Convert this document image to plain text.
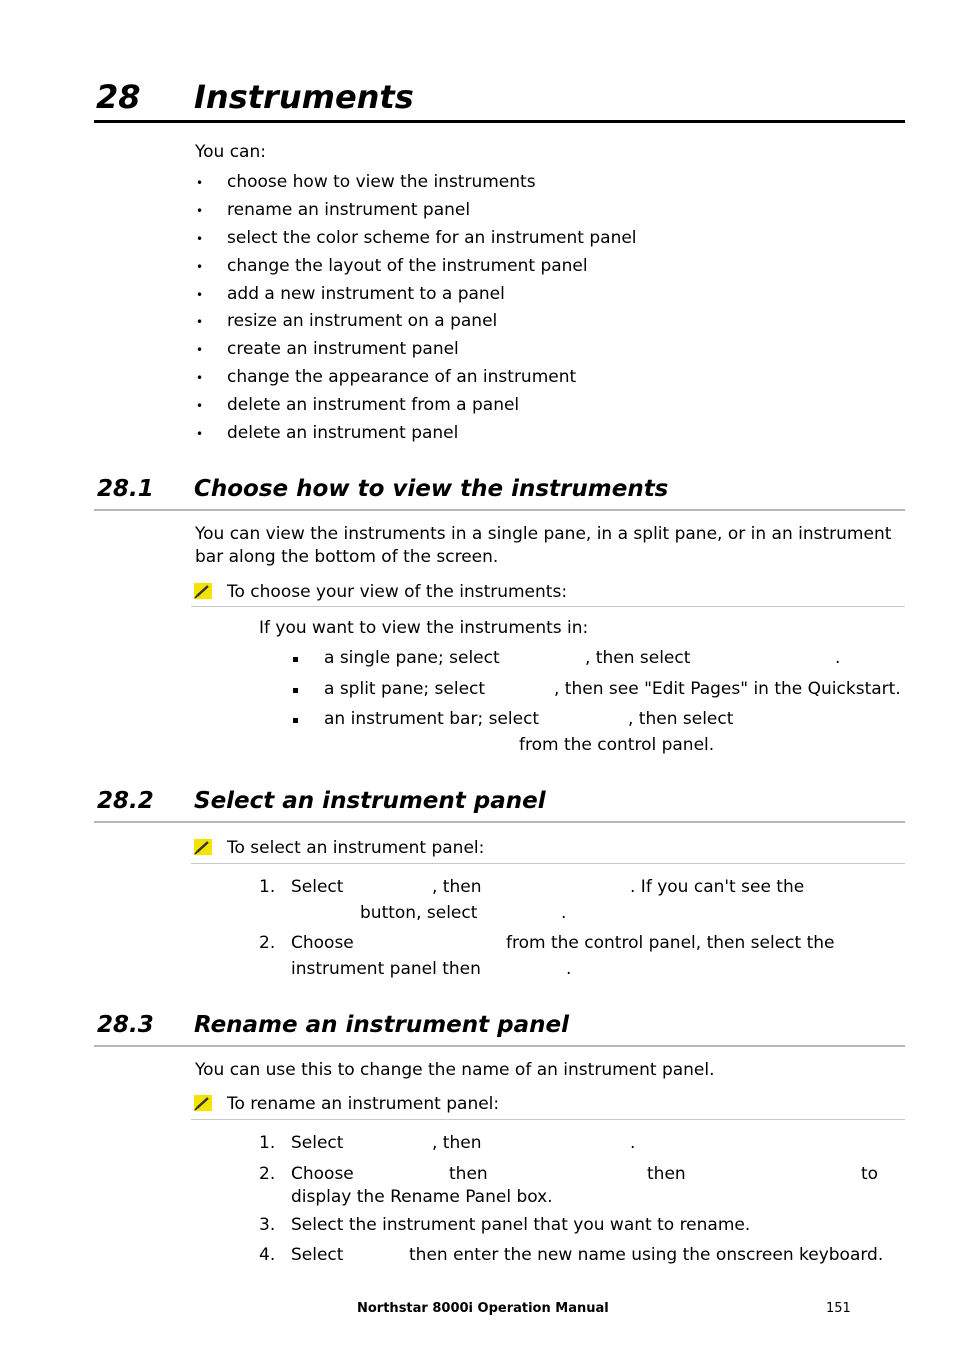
28 Instruments
You can:
• choose how to view the instruments
• rename an instrument panel
• select the color scheme for an instrument panel
• change the layout of the instrument panel
• add a new instrument to a panel
• resize an instrument on a panel
• create an instrument panel
• change the appearance of an instrument
• delete an instrument from a panel
• delete an instrument panel
28.1 Choose how to view the instruments
You can view the instruments in a single pane, in a split pane, or in an instrument
bar along the bottom of the screen.
To choose your view of the instruments:
If you want to view the instruments in:
a single pane; select	, then select	.
a split pane; select	, then see "Edit Pages" in the Quickstart.
an instrument bar; select	, then select
from the control panel.
28.2 Select an instrument panel
To select an instrument panel:
1. Select	, then	. If you can't see the
button, select	.
2. Choose	from the control panel, then select the
instrument panel then	.
28.3 Rename an instrument panel
You can use this to change the name of an instrument panel.
To rename an instrument panel:
1. Select	, then	.
2. Choose	then	then	to
display the Rename Panel box.
3. Select the instrument panel that you want to rename.
4. Select	then enter the new name using the onscreen keyboard.
Northstar 8000i Operation Manual	151
